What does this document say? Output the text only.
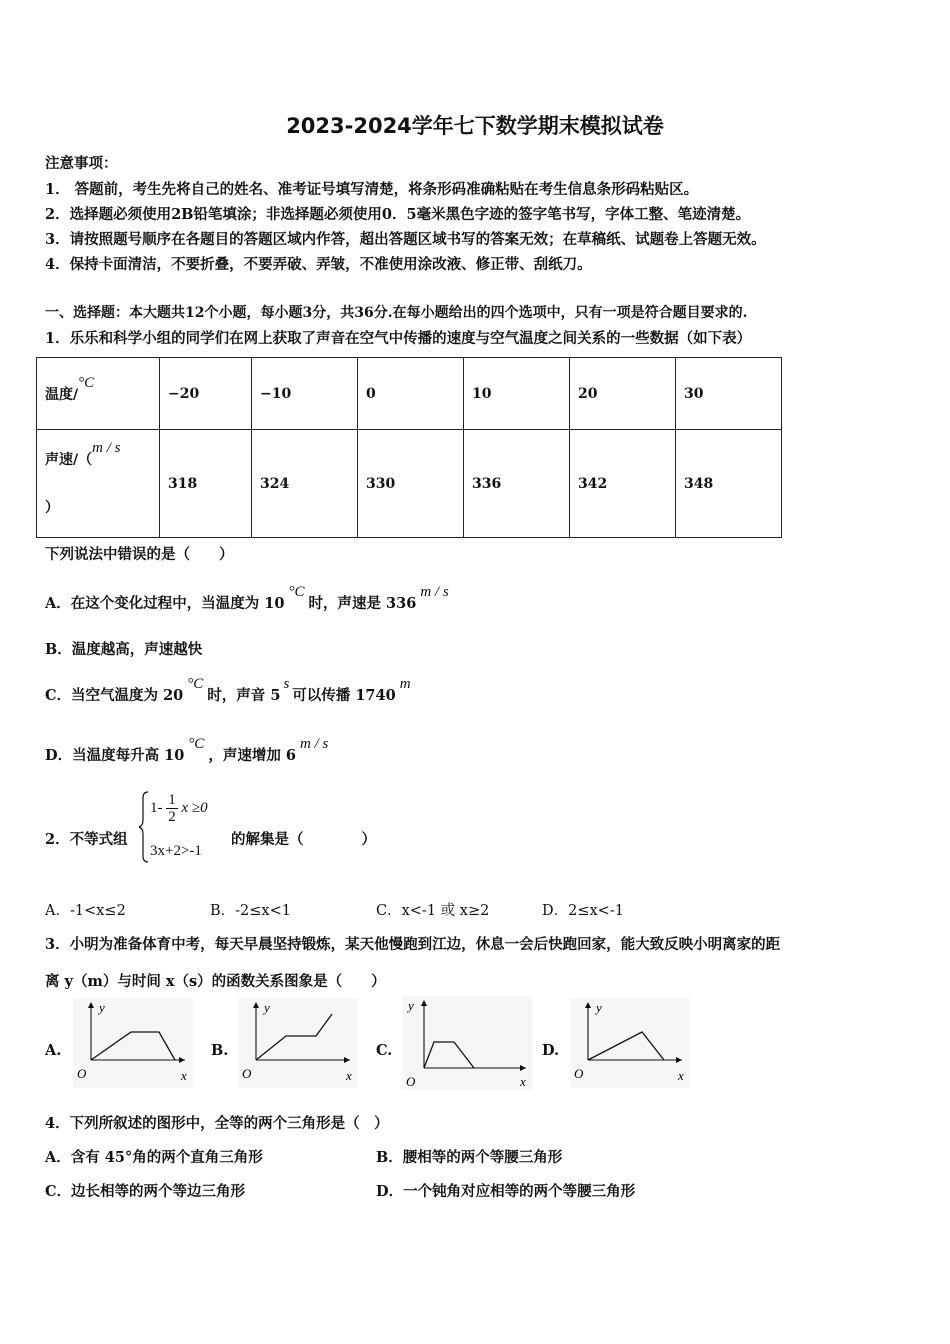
2023-2024学年七下数学期末模拟试卷
注意事项：
1． 答题前，考生先将自己的姓名、准考证号填写清楚，将条形码准确粘贴在考生信息条形码粘贴区。
2．选择题必须使用2B铅笔填涂；非选择题必须使用0．5毫米黑色字迹的签字笔书写，字体工整、笔迹清楚。
3．请按照题号顺序在各题目的答题区域内作答，超出答题区域书写的答案无效；在草稿纸、试题卷上答题无效。
4．保持卡面清洁，不要折叠，不要弄破、弄皱，不准使用涂改液、修正带、刮纸刀。
一、选择题：本大题共12个小题，每小题3分，共36分.在每小题给出的四个选项中，只有一项是符合题目要求的.
1．乐乐和科学小组的同学们在网上获取了声音在空气中传播的速度与空气温度之间关系的一些数据（如下表）
温度/°C	−20	−10	0	10	20	30

声速/（m / s
）	318	324	330	336	342	348
下列说法中错误的是（　　）
A．在这个变化过程中，当温度为 10°C时，声速是 336m / s
B．温度越高，声速越快
C．当空气温度为 20°C时，声音 5s可以传播 1740m
D．当温度每升高 10°C，声速增加 6m / s
2．不等式组
$1- \frac{1}{2}$ x ≥0
3x+2>-1
的解集是（　　　　）
A．-1<x≤2	B．-2≤x<1	C．x<-1 或 x≥2	D．2≤x<-1
3．小明为准备体育中考，每天早晨坚持锻炼，某天他慢跑到江边，休息一会后快跑回家，能大致反映小明离家的距
离 y（m）与时间 x（s）的函数关系图象是（　　）
A.
y
x
O
B.
y
x
O
C.
y
x
O
D.
y
x
O
4．下列所叙述的图形中，全等的两个三角形是（　）
A．含有 45°角的两个直角三角形	B．腰相等的两个等腰三角形
C．边长相等的两个等边三角形	D．一个钝角对应相等的两个等腰三角形
